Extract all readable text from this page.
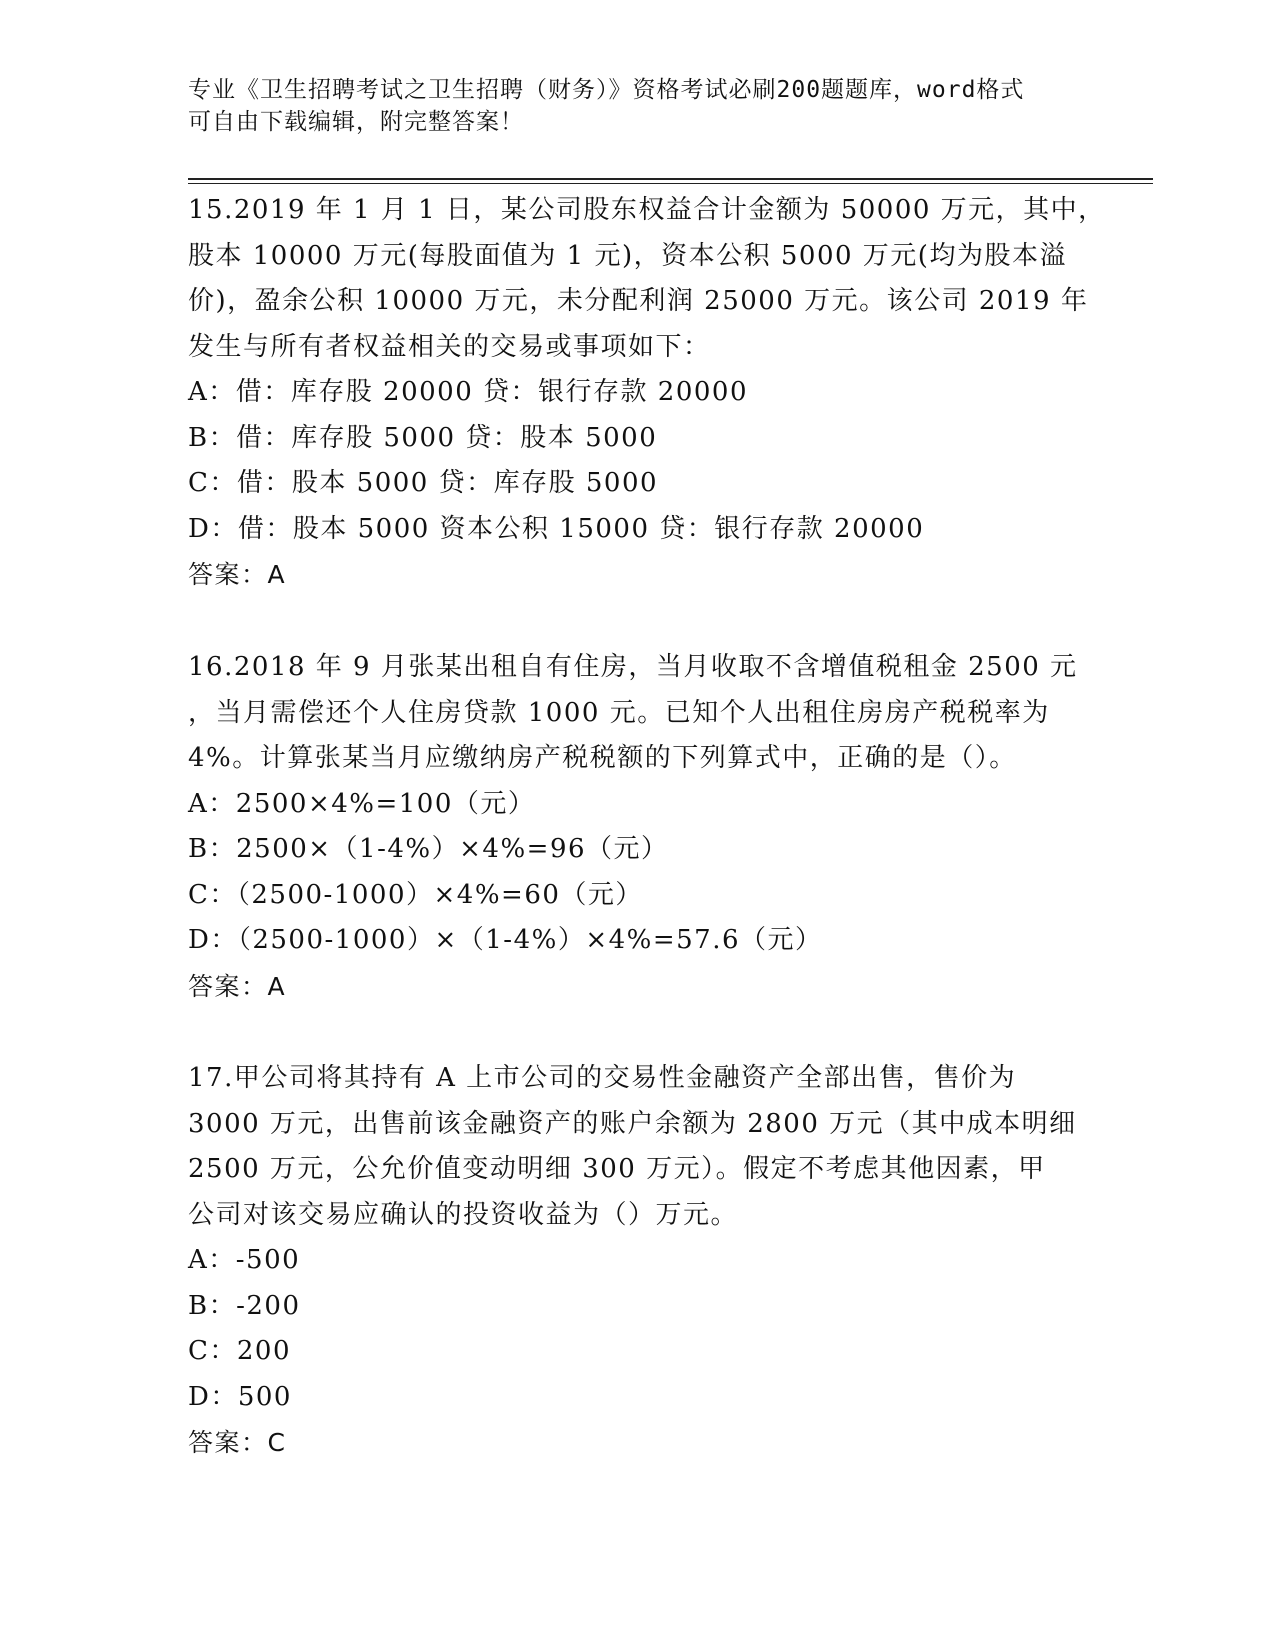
专业《卫生招聘考试之卫生招聘（财务）》资格考试必刷200题题库，word格式
可自由下载编辑，附完整答案！
15.2019 年 1 月 1 日，某公司股东权益合计金额为 50000 万元，其中，
股本 10000 万元(每股面值为 1 元)，资本公积 5000 万元(均为股本溢
价)，盈余公积 10000 万元，未分配利润 25000 万元。该公司 2019 年
发生与所有者权益相关的交易或事项如下：
A：借：库存股 20000 贷：银行存款 20000
B：借：库存股 5000 贷：股本 5000
C：借：股本 5000 贷：库存股 5000
D：借：股本 5000 资本公积 15000 贷：银行存款 20000
答案：A
16.2018 年 9 月张某出租自有住房，当月收取不含增值税租金 2500 元
，当月需偿还个人住房贷款 1000 元。已知个人出租住房房产税税率为
4%。计算张某当月应缴纳房产税税额的下列算式中，正确的是（）。
A：2500×4%=100（元）
B：2500×（1-4%）×4%=96（元）
C：（2500-1000）×4%=60（元）
D：（2500-1000）×（1-4%）×4%=57.6（元）
答案：A
17.甲公司将其持有 A 上市公司的交易性金融资产全部出售，售价为
3000 万元，出售前该金融资产的账户余额为 2800 万元（其中成本明细
2500 万元，公允价值变动明细 300 万元）。假定不考虑其他因素，甲
公司对该交易应确认的投资收益为（）万元。
A：-500
B：-200
C：200
D：500
答案：C
